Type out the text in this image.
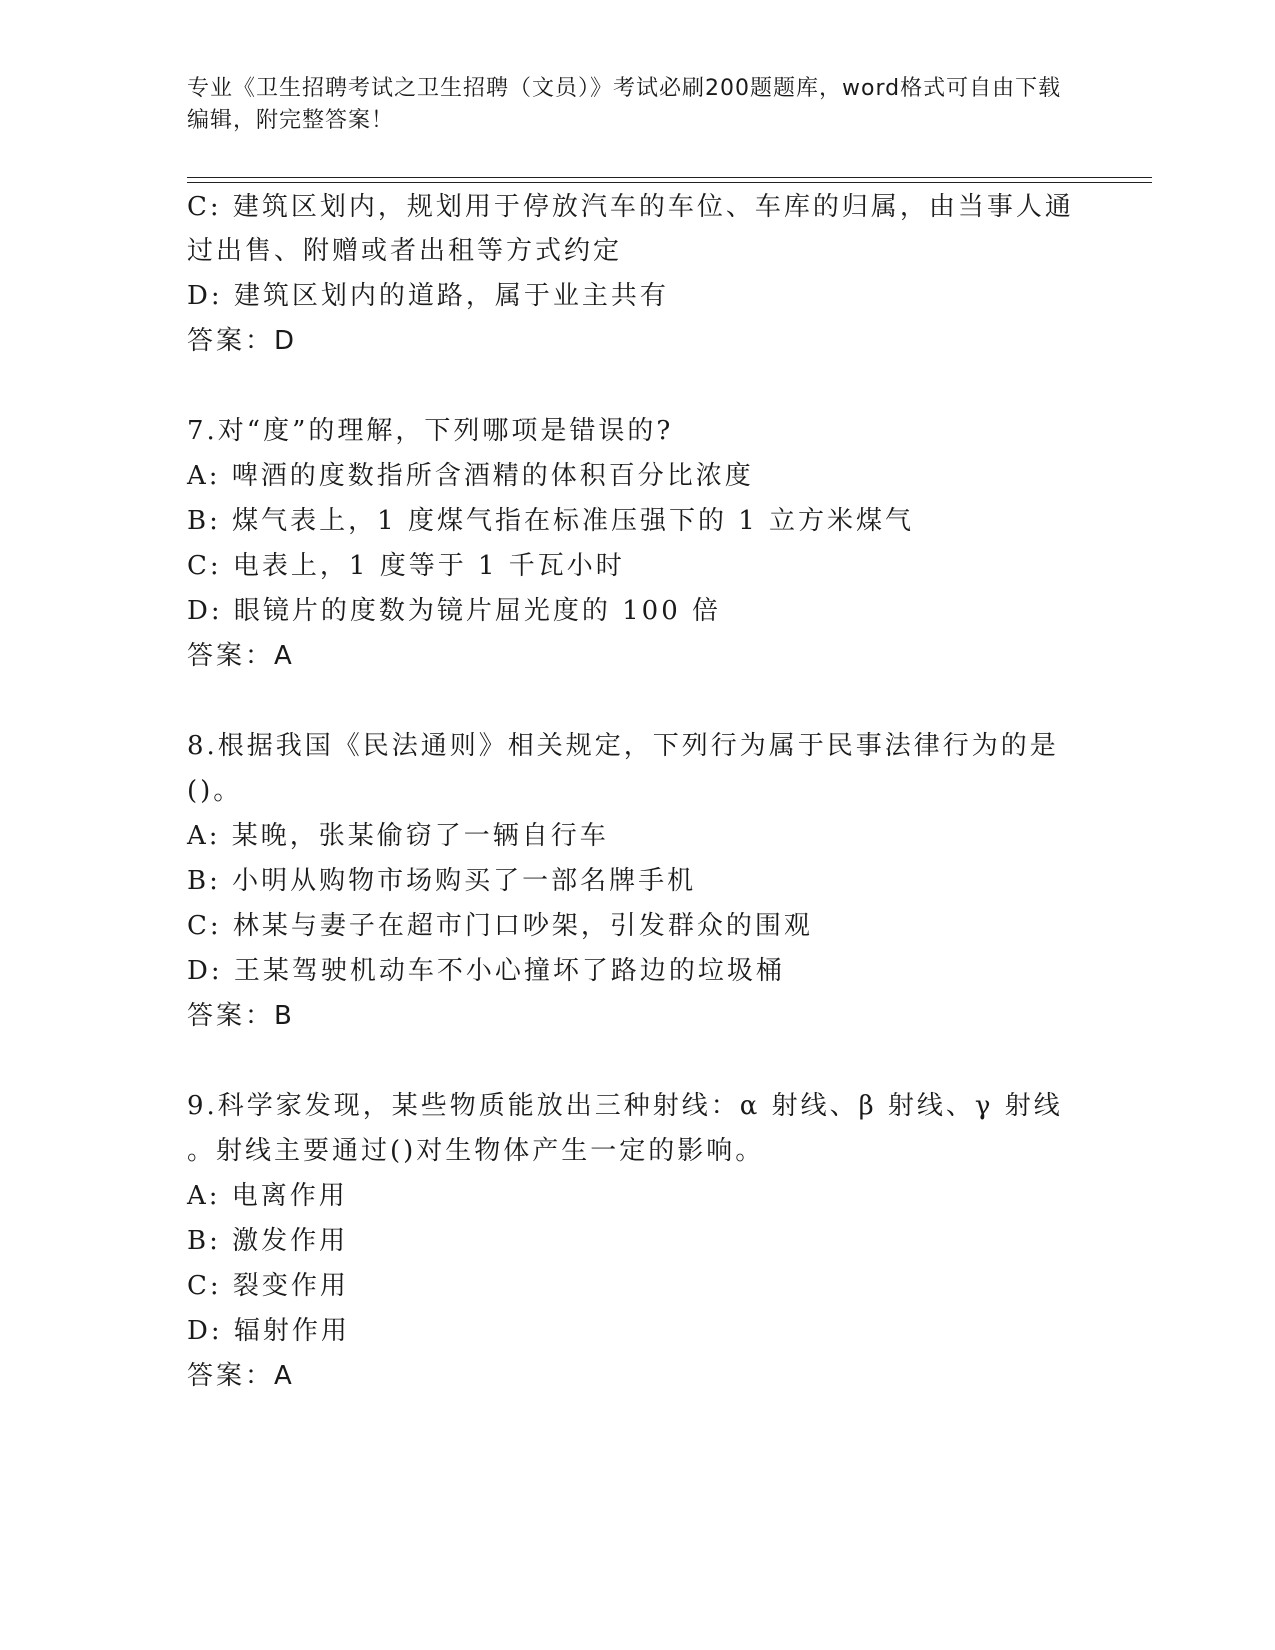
专业《卫生招聘考试之卫生招聘（文员）》考试必刷200题题库，word格式可自由下载编辑，附完整答案！
C: 建筑区划内，规划用于停放汽车的车位、车库的归属，由当事人通
过出售、附赠或者出租等方式约定
D: 建筑区划内的道路，属于业主共有
答案：D
7.对“度”的理解，下列哪项是错误的?
A: 啤酒的度数指所含酒精的体积百分比浓度
B: 煤气表上，1 度煤气指在标准压强下的 1 立方米煤气
C: 电表上，1 度等于 1 千瓦小时
D: 眼镜片的度数为镜片屈光度的 100 倍
答案：A
8.根据我国《民法通则》相关规定，下列行为属于民事法律行为的是
()。
A: 某晚，张某偷窃了一辆自行车
B: 小明从购物市场购买了一部名牌手机
C: 林某与妻子在超市门口吵架，引发群众的围观
D: 王某驾驶机动车不小心撞坏了路边的垃圾桶
答案：B
9.科学家发现，某些物质能放出三种射线：α 射线、β 射线、γ 射线
。射线主要通过()对生物体产生一定的影响。
A: 电离作用
B: 激发作用
C: 裂变作用
D: 辐射作用
答案：A
